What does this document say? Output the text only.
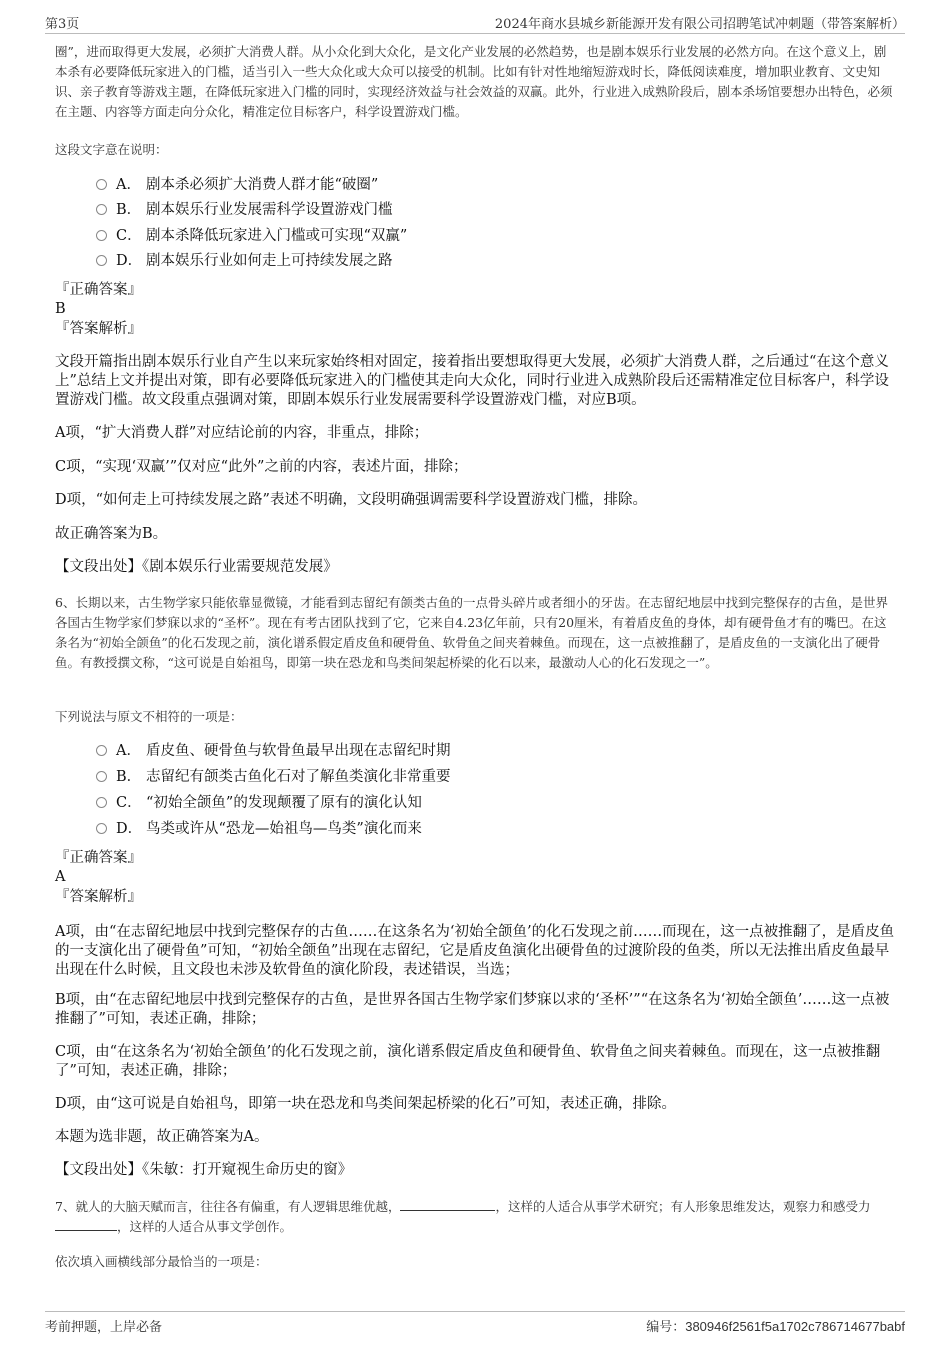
第3页	2024年商水县城乡新能源开发有限公司招聘笔试冲刺题（带答案解析）
圈”，进而取得更大发展，必须扩大消费人群。从小众化到大众化，是文化产业发展的必然趋势，也是剧本娱乐行业发展的必然方向。在这个意义上，剧本杀有必要降低玩家进入的门槛，适当引入一些大众化或大众可以接受的机制。比如有针对性地缩短游戏时长，降低阅读难度，增加职业教育、文史知识、亲子教育等游戏主题，在降低玩家进入门槛的同时，实现经济效益与社会效益的双赢。此外，行业进入成熟阶段后，剧本杀场馆要想办出特色，必须在主题、内容等方面走向分众化，精准定位目标客户，科学设置游戏门槛。
这段文字意在说明：
A． 剧本杀必须扩大消费人群才能“破圈”
B． 剧本娱乐行业发展需科学设置游戏门槛
C． 剧本杀降低玩家进入门槛或可实现“双赢”
D． 剧本娱乐行业如何走上可持续发展之路
『正确答案』
B
『答案解析』
文段开篇指出剧本娱乐行业自产生以来玩家始终相对固定，接着指出要想取得更大发展，必须扩大消费人群，之后通过“在这个意义上”总结上文并提出对策，即有必要降低玩家进入的门槛使其走向大众化，同时行业进入成熟阶段后还需精准定位目标客户，科学设置游戏门槛。故文段重点强调对策，即剧本娱乐行业发展需要科学设置游戏门槛，对应B项。
A项，“扩大消费人群”对应结论前的内容，非重点，排除；
C项，“实现‘双赢’”仅对应“此外”之前的内容，表述片面，排除；
D项，“如何走上可持续发展之路”表述不明确，文段明确强调需要科学设置游戏门槛，排除。
故正确答案为B。
【文段出处】《剧本娱乐行业需要规范发展》
6、长期以来，古生物学家只能依靠显微镜，才能看到志留纪有颌类古鱼的一点骨头碎片或者细小的牙齿。在志留纪地层中找到完整保存的古鱼，是世界各国古生物学家们梦寐以求的“圣杯”。现在有考古团队找到了它，它来自4.23亿年前，只有20厘米，有着盾皮鱼的身体，却有硬骨鱼才有的嘴巴。在这条名为“初始全颌鱼”的化石发现之前，演化谱系假定盾皮鱼和硬骨鱼、软骨鱼之间夹着棘鱼。而现在，这一点被推翻了，是盾皮鱼的一支演化出了硬骨鱼。有教授撰文称，“这可说是自始祖鸟，即第一块在恐龙和鸟类间架起桥梁的化石以来，最激动人心的化石发现之一”。
下列说法与原文不相符的一项是：
A． 盾皮鱼、硬骨鱼与软骨鱼最早出现在志留纪时期
B． 志留纪有颌类古鱼化石对了解鱼类演化非常重要
C． “初始全颌鱼”的发现颠覆了原有的演化认知
D． 鸟类或许从“恐龙—始祖鸟—鸟类”演化而来
『正确答案』
A
『答案解析』
A项，由“在志留纪地层中找到完整保存的古鱼……在这条名为‘初始全颌鱼’的化石发现之前……而现在，这一点被推翻了，是盾皮鱼的一支演化出了硬骨鱼”可知，“初始全颌鱼”出现在志留纪，它是盾皮鱼演化出硬骨鱼的过渡阶段的鱼类，所以无法推出盾皮鱼最早出现在什么时候，且文段也未涉及软骨鱼的演化阶段，表述错误，当选；
B项，由“在志留纪地层中找到完整保存的古鱼，是世界各国古生物学家们梦寐以求的‘圣杯’”“在这条名为‘初始全颌鱼’……这一点被推翻了”可知，表述正确，排除；
C项，由“在这条名为‘初始全颌鱼’的化石发现之前，演化谱系假定盾皮鱼和硬骨鱼、软骨鱼之间夹着棘鱼。而现在，这一点被推翻了”可知，表述正确，排除；
D项，由“这可说是自始祖鸟，即第一块在恐龙和鸟类间架起桥梁的化石”可知，表述正确，排除。
本题为选非题，故正确答案为A。
【文段出处】《朱敏：打开窥视生命历史的窗》
7、就人的大脑天赋而言，往往各有偏重，有人逻辑思维优越，	，这样的人适合从事学术研究；有人形象思维发达，观察力和感受力，这样的人适合从事文学创作。
依次填入画横线部分最恰当的一项是：
考前押题，上岸必备	编号：380946f2561f5a1702c786714677babf
